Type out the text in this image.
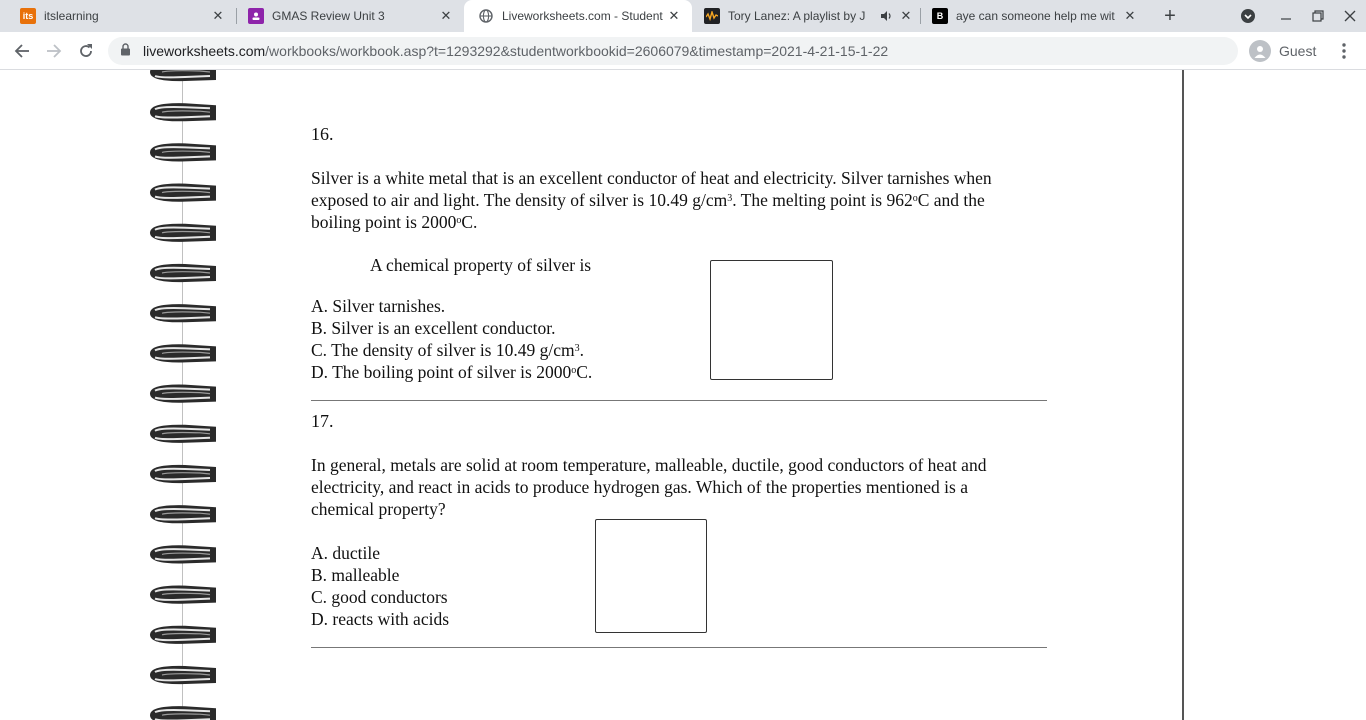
its itslearning	✕	GMAS Review Unit 3	✕	Liveworksheets.com - Student ✕	Tory Lanez: A playlist by J	✕	B	aye can someone help me wit ✕	+
liveworksheets.com/workbooks/workbook.asp?t=1293292&studentworkbookid=2606079&timestamp=2021-4-21-15-1-22	Guest
16.
Silver is a white metal that is an excellent conductor of heat and electricity. Silver tarnishes when
exposed to air and light. The density of silver is 10.49 $g/cm^3$. The melting point is 962$^o$C and the
boiling point is 2000$^o$C.
A chemical property of silver is
A. Silver tarnishes.
B. Silver is an excellent conductor.
C. The density of silver is 10.49 $g/cm^3$.
D. The boiling point of silver is 2000$^o$C.
17.
In general, metals are solid at room temperature, malleable, ductile, good conductors of heat and
electricity, and react in acids to produce hydrogen gas. Which of the properties mentioned is a
chemical property?
A. ductile
B. malleable
C. good conductors
D. reacts with acids
